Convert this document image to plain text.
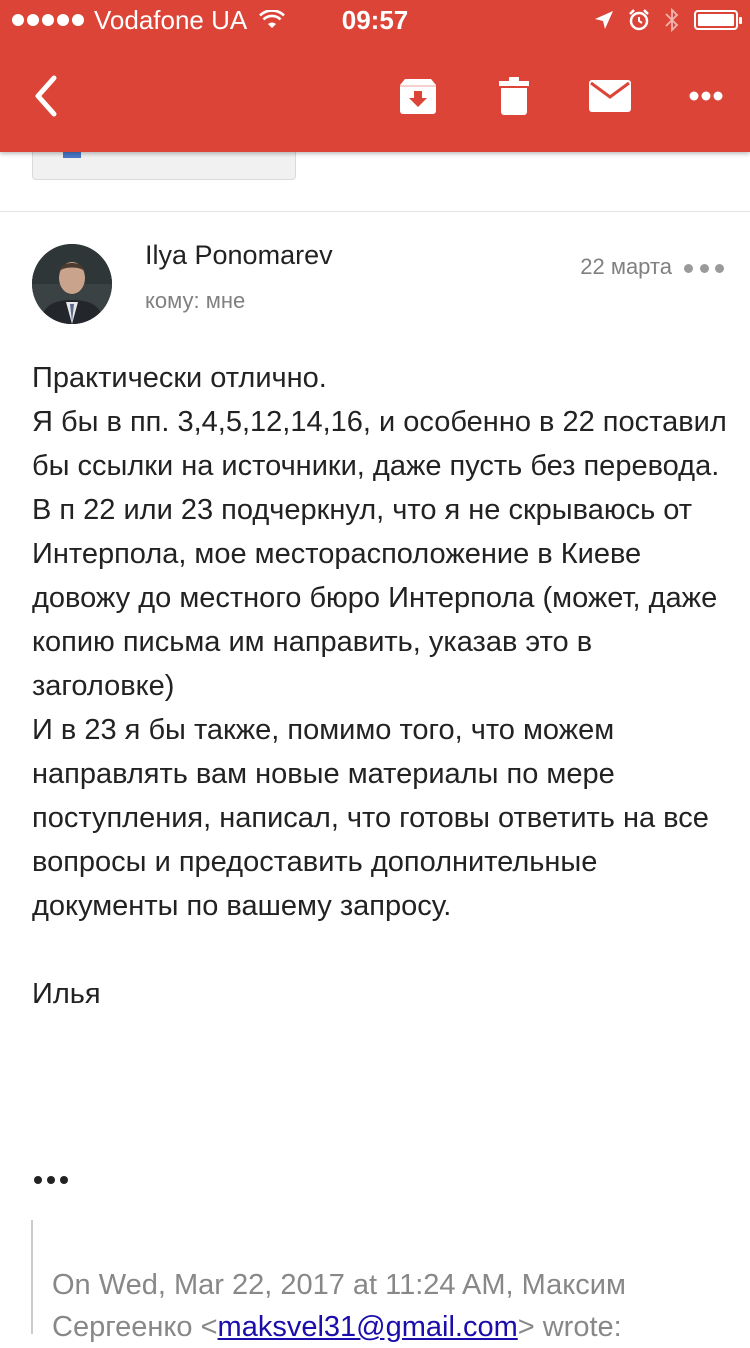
Vodafone UA	09:57
Ilya Ponomarev
кому: мне
22 марта

Практически отлично.

Я бы в пп. 3,4,5,12,14,16, и особенно в 22 поставил бы ссылки на источники, даже пусть без перевода.

В п 22 или 23 подчеркнул, что я не скрываюсь от Интерпола, мое месторасположение в Киеве довожу до местного бюро Интерпола (может, даже копию письма им направить, указав это в заголовке)

И в 23 я бы также, помимо того, что можем направлять вам новые материалы по мере поступления, написал, что готовы ответить на все вопросы и предоставить дополнительные документы по вашему запросу.

Илья

On Wed, Mar 22, 2017 at 11:24 AM, Максим Сергеенко <maksvel31@gmail.com> wrote:
